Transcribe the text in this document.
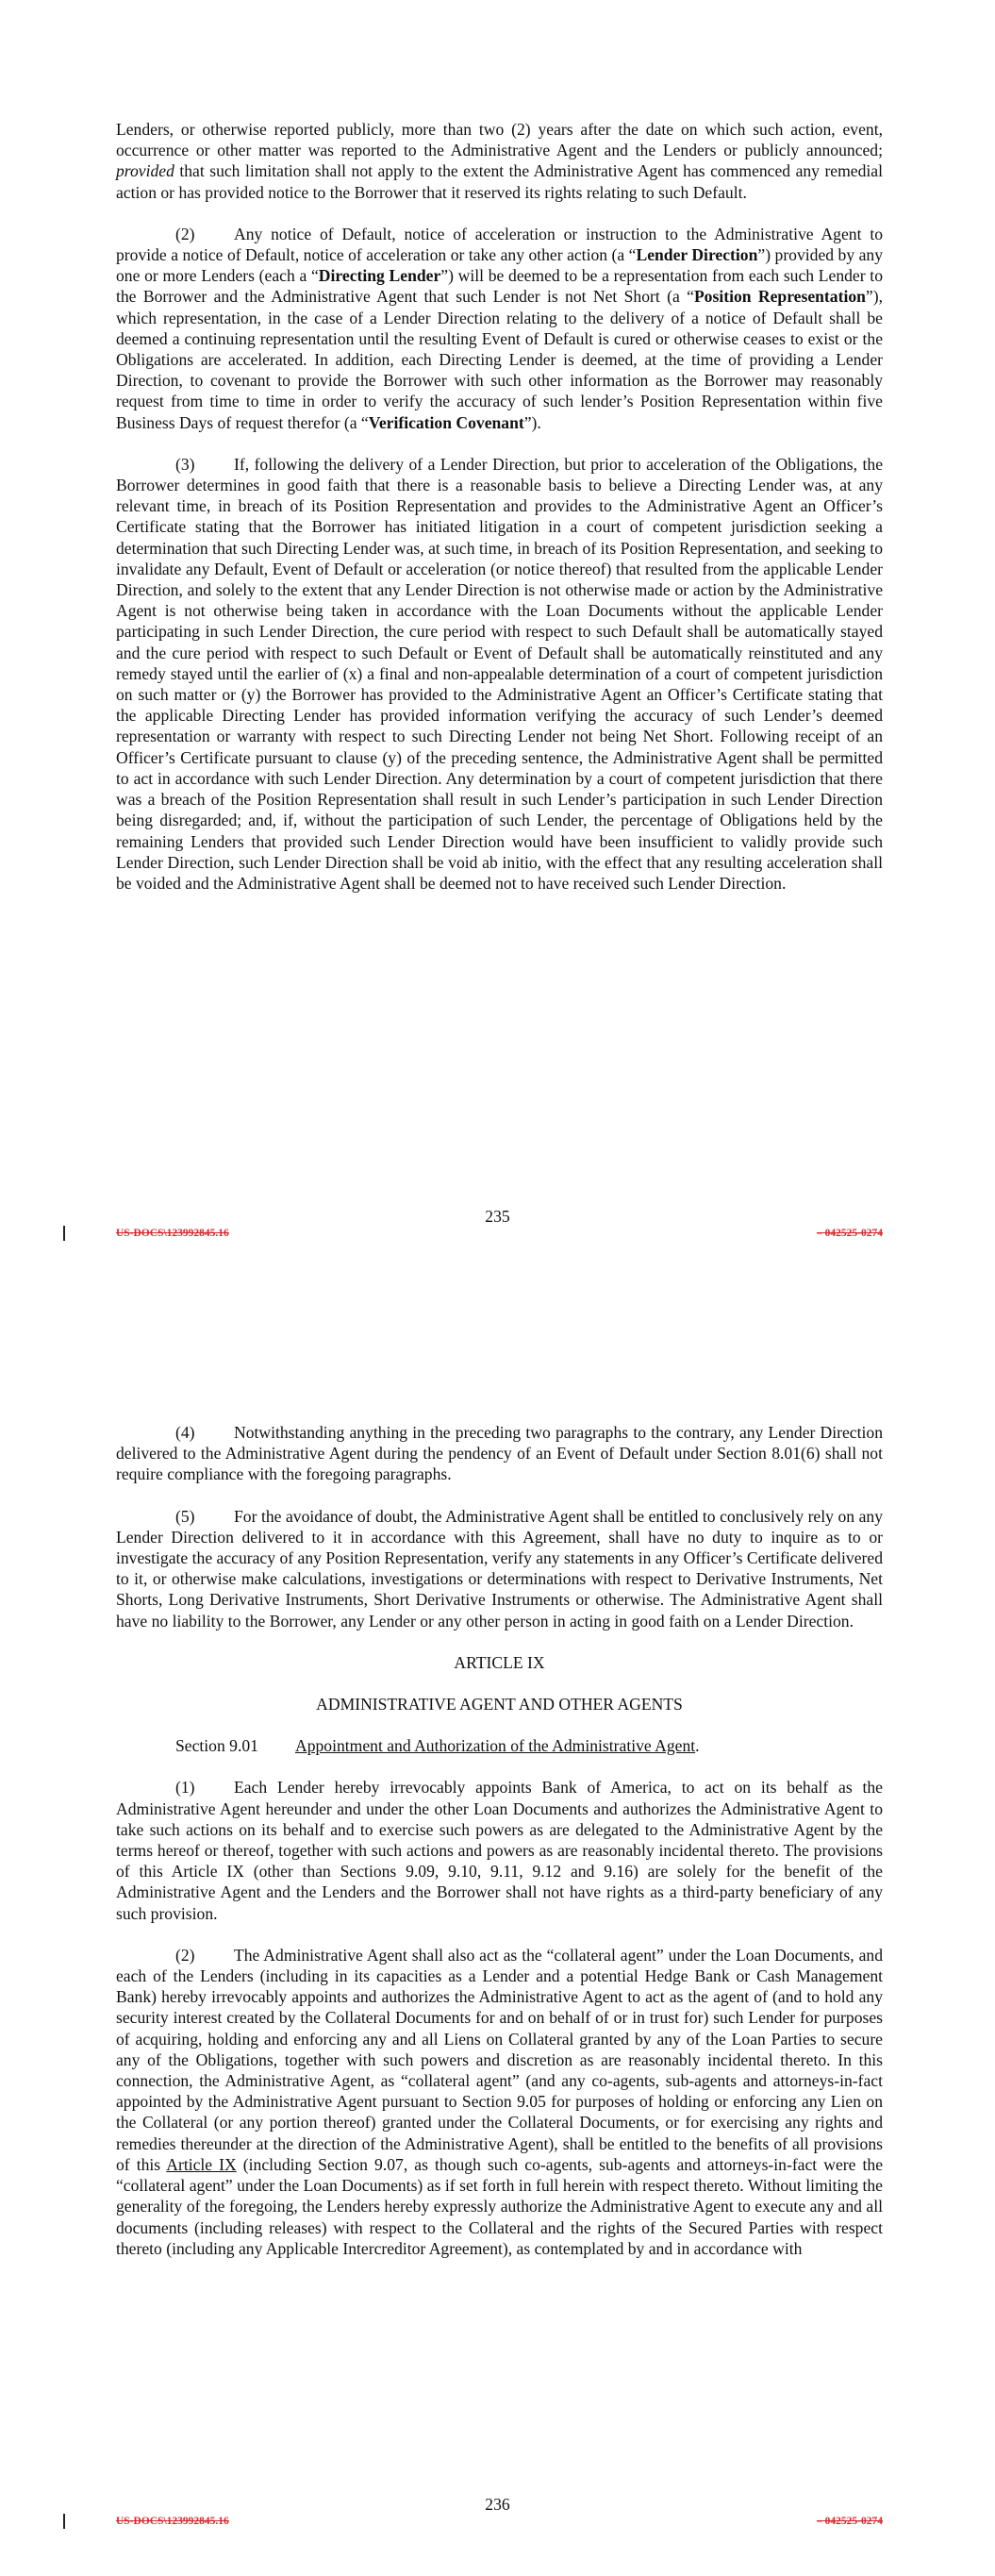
Lenders, or otherwise reported publicly, more than two (2) years after the date on which such action, event, occurrence or other matter was reported to the Administrative Agent and the Lenders or publicly announced; provided that such limitation shall not apply to the extent the Administrative Agent has commenced any remedial action or has provided notice to the Borrower that it reserved its rights relating to such Default.

(2) Any notice of Default, notice of acceleration or instruction to the Administrative Agent to provide a notice of Default, notice of acceleration or take any other action (a “Lender Direction”) provided by any one or more Lenders (each a “Directing Lender”) will be deemed to be a representation from each such Lender to the Borrower and the Administrative Agent that such Lender is not Net Short (a “Position Representation”), which representation, in the case of a Lender Direction relating to the delivery of a notice of Default shall be deemed a continuing representation until the resulting Event of Default is cured or otherwise ceases to exist or the Obligations are accelerated. In addition, each Directing Lender is deemed, at the time of providing a Lender Direction, to covenant to provide the Borrower with such other information as the Borrower may reasonably request from time to time in order to verify the accuracy of such lender’s Position Representation within five Business Days of request therefor (a “Verification Covenant”).

(3) If, following the delivery of a Lender Direction, but prior to acceleration of the Obligations, the Borrower determines in good faith that there is a reasonable basis to believe a Directing Lender was, at any relevant time, in breach of its Position Representation and provides to the Administrative Agent an Officer’s Certificate stating that the Borrower has initiated litigation in a court of competent jurisdiction seeking a determination that such Directing Lender was, at such time, in breach of its Position Representation, and seeking to invalidate any Default, Event of Default or acceleration (or notice thereof) that resulted from the applicable Lender Direction, and solely to the extent that any Lender Direction is not otherwise made or action by the Administrative Agent is not otherwise being taken in accordance with the Loan Documents without the applicable Lender participating in such Lender Direction, the cure period with respect to such Default shall be automatically stayed and the cure period with respect to such Default or Event of Default shall be automatically reinstituted and any remedy stayed until the earlier of (x) a final and non-appealable determination of a court of competent jurisdiction on such matter or (y) the Borrower has provided to the Administrative Agent an Officer’s Certificate stating that the applicable Directing Lender has provided information verifying the accuracy of such Lender’s deemed representation or warranty with respect to such Directing Lender not being Net Short. Following receipt of an Officer’s Certificate pursuant to clause (y) of the preceding sentence, the Administrative Agent shall be permitted to act in accordance with such Lender Direction. Any determination by a court of competent jurisdiction that there was a breach of the Position Representation shall result in such Lender’s participation in such Lender Direction being disregarded; and, if, without the participation of such Lender, the percentage of Obligations held by the remaining Lenders that provided such Lender Direction would have been insufficient to validly provide such Lender Direction, such Lender Direction shall be void ab initio, with the effect that any resulting acceleration shall be voided and the Administrative Agent shall be deemed not to have received such Lender Direction.

235
US-DOCS\123992845.16	– 042525-0274

(4) Notwithstanding anything in the preceding two paragraphs to the contrary, any Lender Direction delivered to the Administrative Agent during the pendency of an Event of Default under Section 8.01(6) shall not require compliance with the foregoing paragraphs.

(5) For the avoidance of doubt, the Administrative Agent shall be entitled to conclusively rely on any Lender Direction delivered to it in accordance with this Agreement, shall have no duty to inquire as to or investigate the accuracy of any Position Representation, verify any statements in any Officer’s Certificate delivered to it, or otherwise make calculations, investigations or determinations with respect to Derivative Instruments, Net Shorts, Long Derivative Instruments, Short Derivative Instruments or otherwise. The Administrative Agent shall have no liability to the Borrower, any Lender or any other person in acting in good faith on a Lender Direction.

ARTICLE IX

ADMINISTRATIVE AGENT AND OTHER AGENTS

Section 9.01 Appointment and Authorization of the Administrative Agent.

(1) Each Lender hereby irrevocably appoints Bank of America, to act on its behalf as the Administrative Agent hereunder and under the other Loan Documents and authorizes the Administrative Agent to take such actions on its behalf and to exercise such powers as are delegated to the Administrative Agent by the terms hereof or thereof, together with such actions and powers as are reasonably incidental thereto. The provisions of this Article IX (other than Sections 9.09, 9.10, 9.11, 9.12 and 9.16) are solely for the benefit of the Administrative Agent and the Lenders and the Borrower shall not have rights as a third-party beneficiary of any such provision.

(2) The Administrative Agent shall also act as the “collateral agent” under the Loan Documents, and each of the Lenders (including in its capacities as a Lender and a potential Hedge Bank or Cash Management Bank) hereby irrevocably appoints and authorizes the Administrative Agent to act as the agent of (and to hold any security interest created by the Collateral Documents for and on behalf of or in trust for) such Lender for purposes of acquiring, holding and enforcing any and all Liens on Collateral granted by any of the Loan Parties to secure any of the Obligations, together with such powers and discretion as are reasonably incidental thereto. In this connection, the Administrative Agent, as “collateral agent” (and any co-agents, sub-agents and attorneys-in-fact appointed by the Administrative Agent pursuant to Section 9.05 for purposes of holding or enforcing any Lien on the Collateral (or any portion thereof) granted under the Collateral Documents, or for exercising any rights and remedies thereunder at the direction of the Administrative Agent), shall be entitled to the benefits of all provisions of this Article IX (including Section 9.07, as though such co-agents, sub-agents and attorneys-in-fact were the “collateral agent” under the Loan Documents) as if set forth in full herein with respect thereto. Without limiting the generality of the foregoing, the Lenders hereby expressly authorize the Administrative Agent to execute any and all documents (including releases) with respect to the Collateral and the rights of the Secured Parties with respect thereto (including any Applicable Intercreditor Agreement), as contemplated by and in accordance with

236
US-DOCS\123992845.16	– 042525-0274
